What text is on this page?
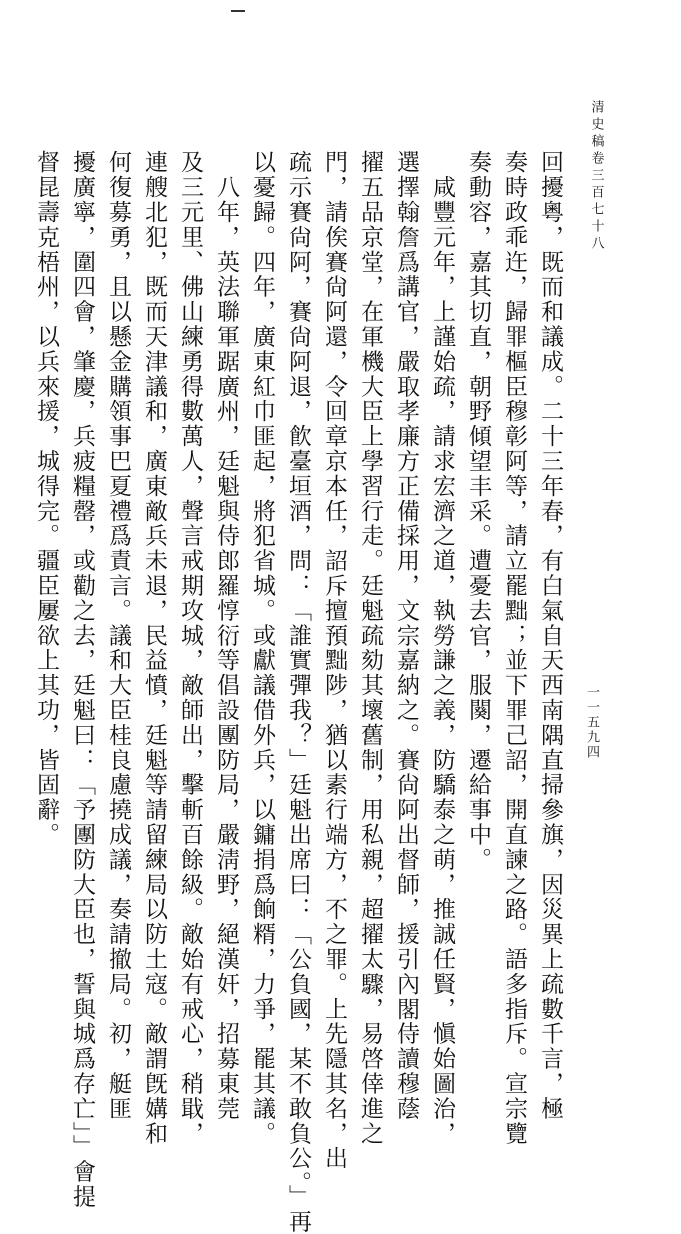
清史稿卷三百七十八
一一五九四
回擾粵，既而和議成。二十三年春，有白氣自天西南隅直掃參旗，因災異上疏數千言，極
奏時政乖迕，歸罪樞臣穆彰阿等，請立罷黜；並下罪己詔，開直諫之路。語多指斥。宣宗覽
奏動容，嘉其切直，朝野傾望丰采。遭憂去官，服闋，遷給事中。
　咸豐元年，上謹始疏，請求宏濟之道，執勞謙之義，防驕泰之萌，推誠任賢，愼始圖治，
選擇翰詹爲講官，嚴取孝廉方正備採用，文宗嘉納之。賽尙阿出督師，援引內閣侍讀穆蔭
擢五品京堂，在軍機大臣上學習行走。廷魁疏劾其壞舊制，用私親，超擢太驟，易啓倖進之
門，請俟賽尙阿還，令回章京本任，詔斥擅預黜陟，猶以素行端方，不之罪。上先隱其名，出
疏示賽尙阿，賽尙阿退，飮臺垣酒，問：「誰實彈我？」廷魁出席曰：「公負國，某不敢負公。」再
以憂歸。四年，廣東紅巾匪起，將犯省城。或獻議借外兵，以鏞捐爲餉糈，力爭，罷其議。
　八年，英法聯軍踞廣州，廷魁與侍郎羅惇衍等倡設團防局，嚴淸野，絕漢奸，招募東莞
及三元里、佛山練勇得數萬人，聲言戒期攻城，敵師出，擊斬百餘級。敵始有戒心，稍戢，
連艘北犯，既而天津議和，廣東敵兵未退，民益憤，廷魁等請留練局以防土寇。敵謂旣媾和
何復募勇，且以懸金購領事巴夏禮爲責言。議和大臣桂良慮撓成議，奏請撤局。初，艇匪
擾廣寧，圍四會，肇慶，兵疲糧罄，或勸之去，廷魁曰：「予團防大臣也，誓與城爲存亡」」會提
督昆壽克梧州，以兵來援，城得完。疆臣屢欲上其功，皆固辭。
